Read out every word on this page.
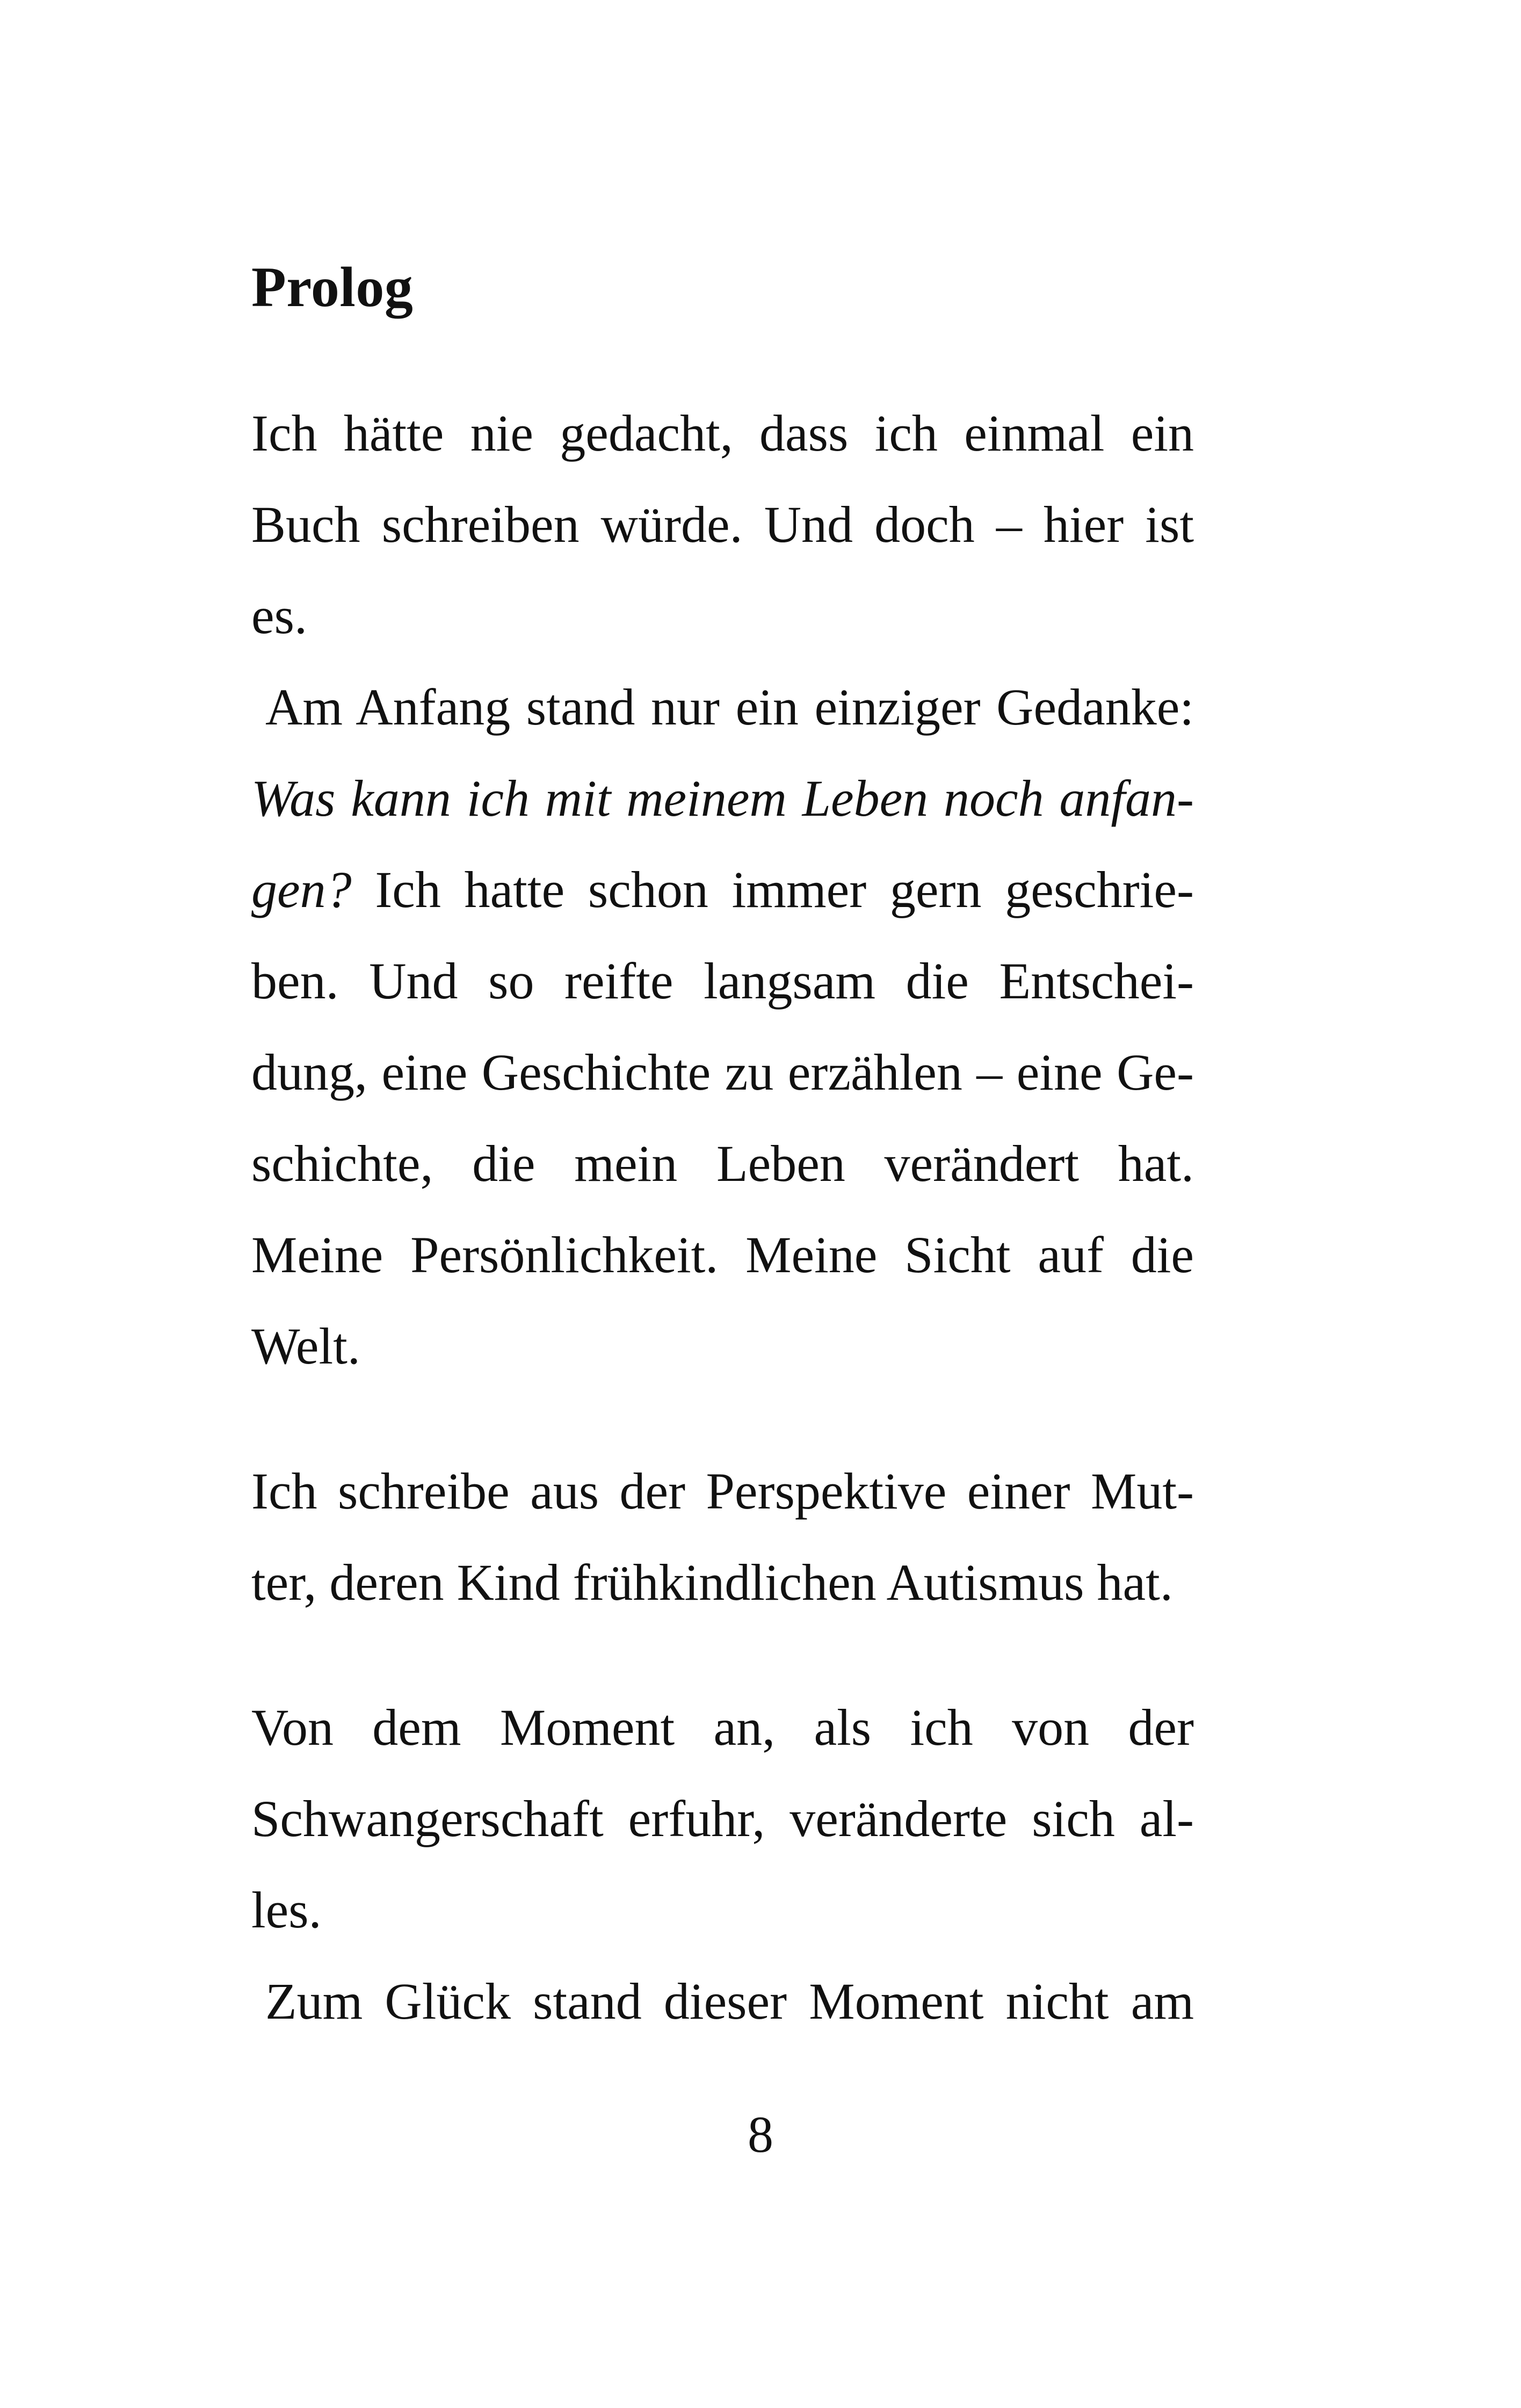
Prolog
Ich hätte nie gedacht, dass ich einmal ein
Buch schreiben würde. Und doch – hier ist
es.
Am Anfang stand nur ein einziger Gedanke:
Was kann ich mit meinem Leben noch anfan-
gen? Ich hatte schon immer gern geschrie-
ben. Und so reifte langsam die Entschei-
dung, eine Geschichte zu erzählen – eine Ge-
schichte, die mein Leben verändert hat.
Meine Persönlichkeit. Meine Sicht auf die
Welt.
Ich schreibe aus der Perspektive einer Mut-
ter, deren Kind frühkindlichen Autismus hat.
Von dem Moment an, als ich von der
Schwangerschaft erfuhr, veränderte sich al-
les.
Zum Glück stand dieser Moment nicht am
8
